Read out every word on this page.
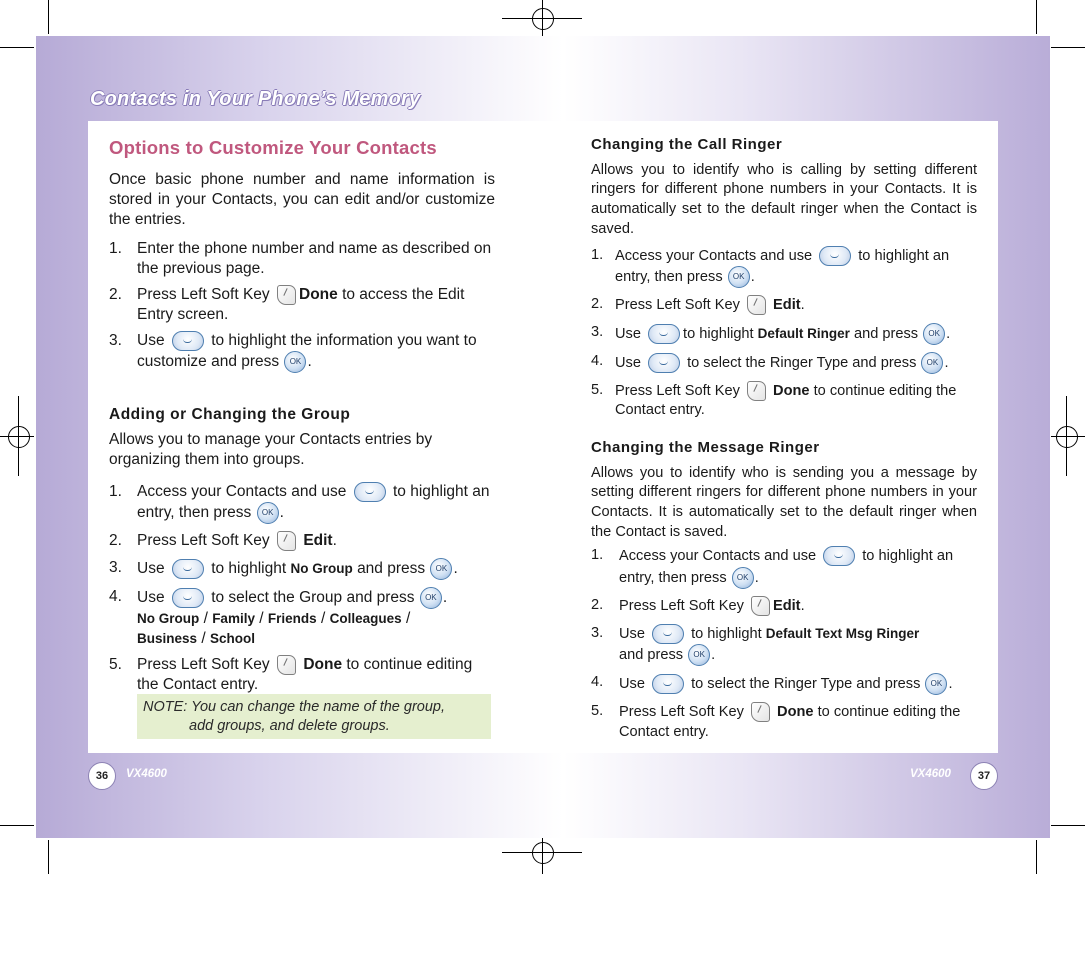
Contacts in Your Phone’s Memory
Options to Customize Your Contacts

Once basic phone number and name information is stored in your Contacts, you can edit and/or customize the entries.

1. Enter the phone number and name as described on the previous page.
2. Press Left Soft Key Done to access the Edit Entry screen.
3. Use	to highlight the information you want to customize and press OK .
Adding or Changing the Group

Allows you to manage your Contacts entries by organizing them into groups.

1. Access your Contacts and use	to highlight an entry, then press OK .
2. Press Left Soft Key Edit.
3. Use	to highlight No Group and press OK .
4. Use	to select the Group and press OK .
No Group / Family / Friends / Colleagues /
Business / School
5. Press Left Soft Key Done to continue editing the Contact entry.
NOTE: You can change the name of the group,
add groups, and delete groups.
Changing the Call Ringer

Allows you to identify who is calling by setting different ringers for different phone numbers in your Contacts. It is automatically set to the default ringer when the Contact is saved.

1. Access your Contacts and use	to highlight an entry, then press OK .
2. Press Left Soft Key Edit.
3. Use	to highlight Default Ringer and press OK .
4. Use	to select the Ringer Type and press OK .
5. Press Left Soft Key Done to continue editing the Contact entry.
Changing the Message Ringer

Allows you to identify who is sending you a message by setting different ringers for different phone numbers in your Contacts. It is automatically set to the default ringer when the Contact is saved.

1. Access your Contacts and use	to highlight an entry, then press OK .
2. Press Left Soft Key Edit.
3. Use	to highlight Default Text Msg Ringer
and press OK .
4. Use	to select the Ringer Type and press OK .
5. Press Left Soft Key Done to continue editing the Contact entry.
36	VX4600	VX4600	37
